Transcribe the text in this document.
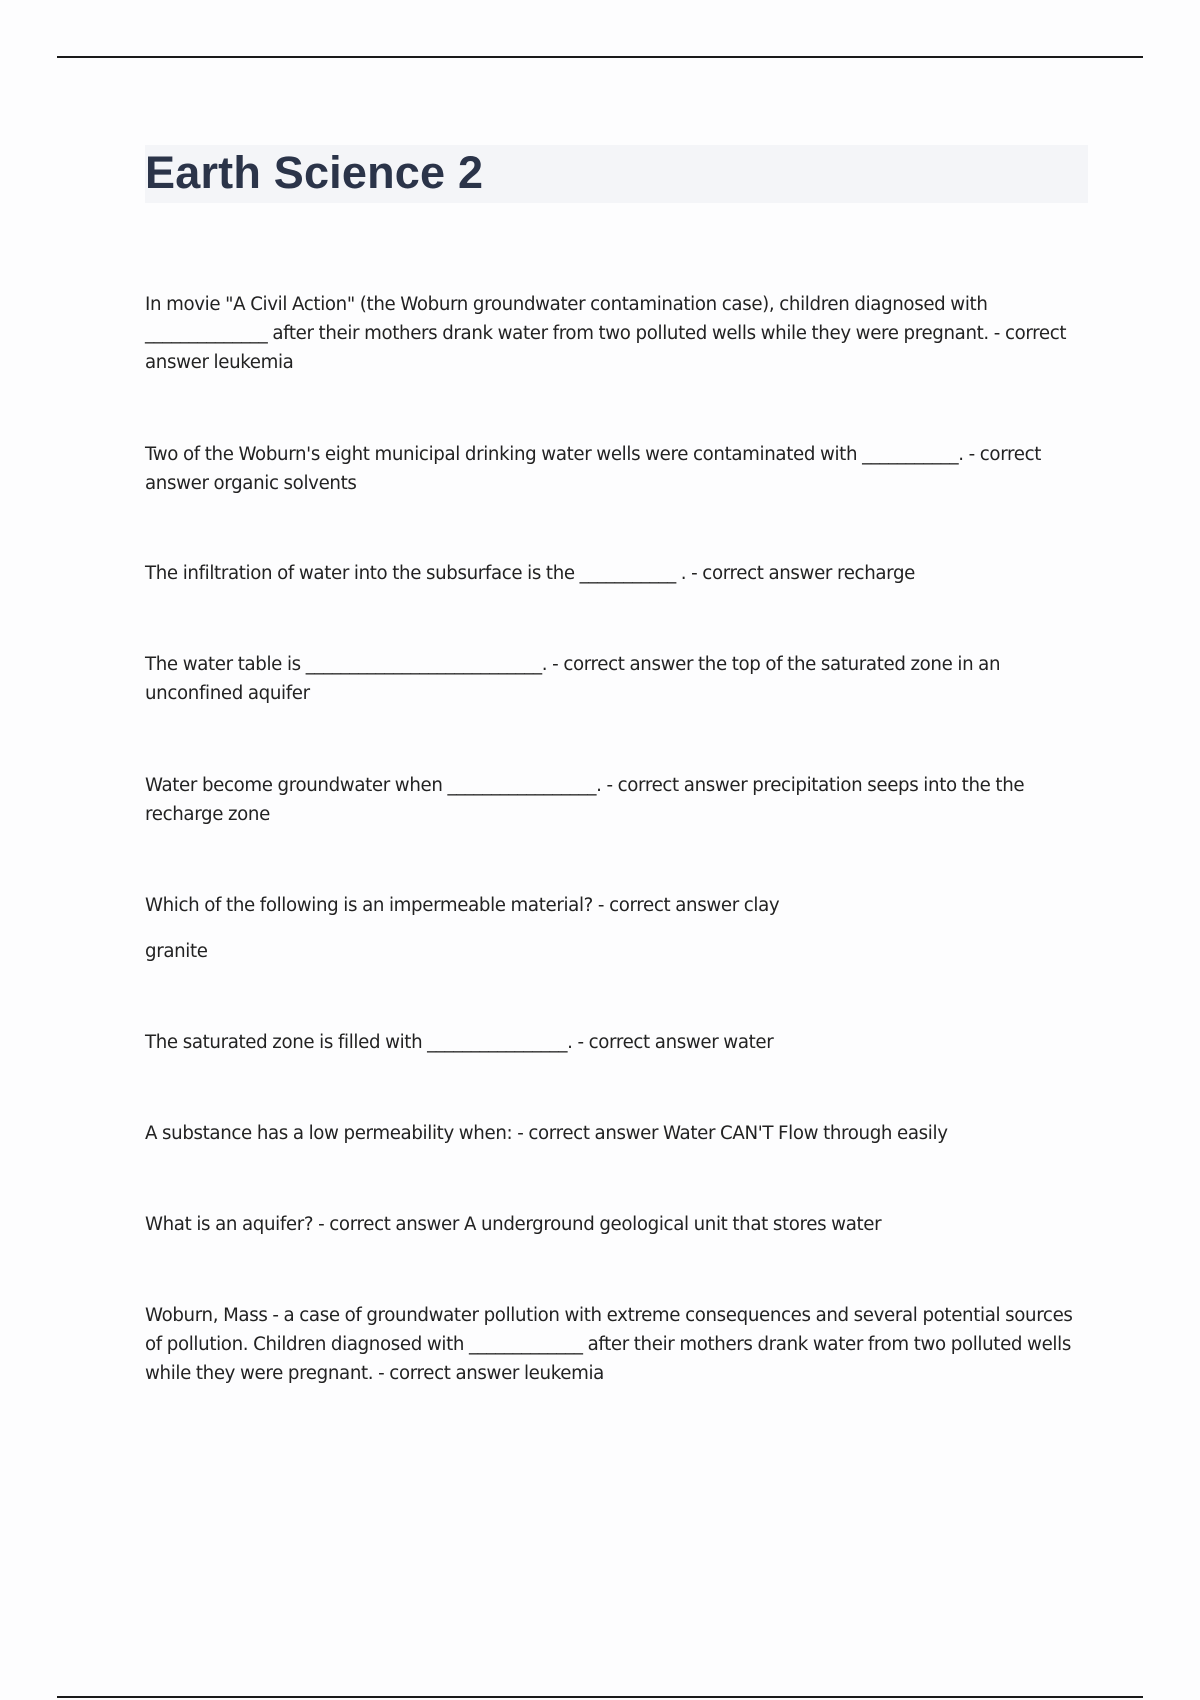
Earth Science 2

In movie "A Civil Action" (the Woburn groundwater contamination case), children diagnosed with ______________ after their mothers drank water from two polluted wells while they were pregnant. - correct answer leukemia

Two of the Woburn's eight municipal drinking water wells were contaminated with ___________. - correct answer organic solvents

The infiltration of water into the subsurface is the ___________ . - correct answer recharge

The water table is ___________________________. - correct answer the top of the saturated zone in an unconfined aquifer

Water become groundwater when _________________. - correct answer precipitation seeps into the the recharge zone

Which of the following is an impermeable material? - correct answer clay

granite

The saturated zone is filled with ________________. - correct answer water

A substance has a low permeability when: - correct answer Water CAN'T Flow through easily

What is an aquifer? - correct answer A underground geological unit that stores water

Woburn, Mass - a case of groundwater pollution with extreme consequences and several potential sources of pollution. Children diagnosed with _____________ after their mothers drank water from two polluted wells while they were pregnant. - correct answer leukemia
